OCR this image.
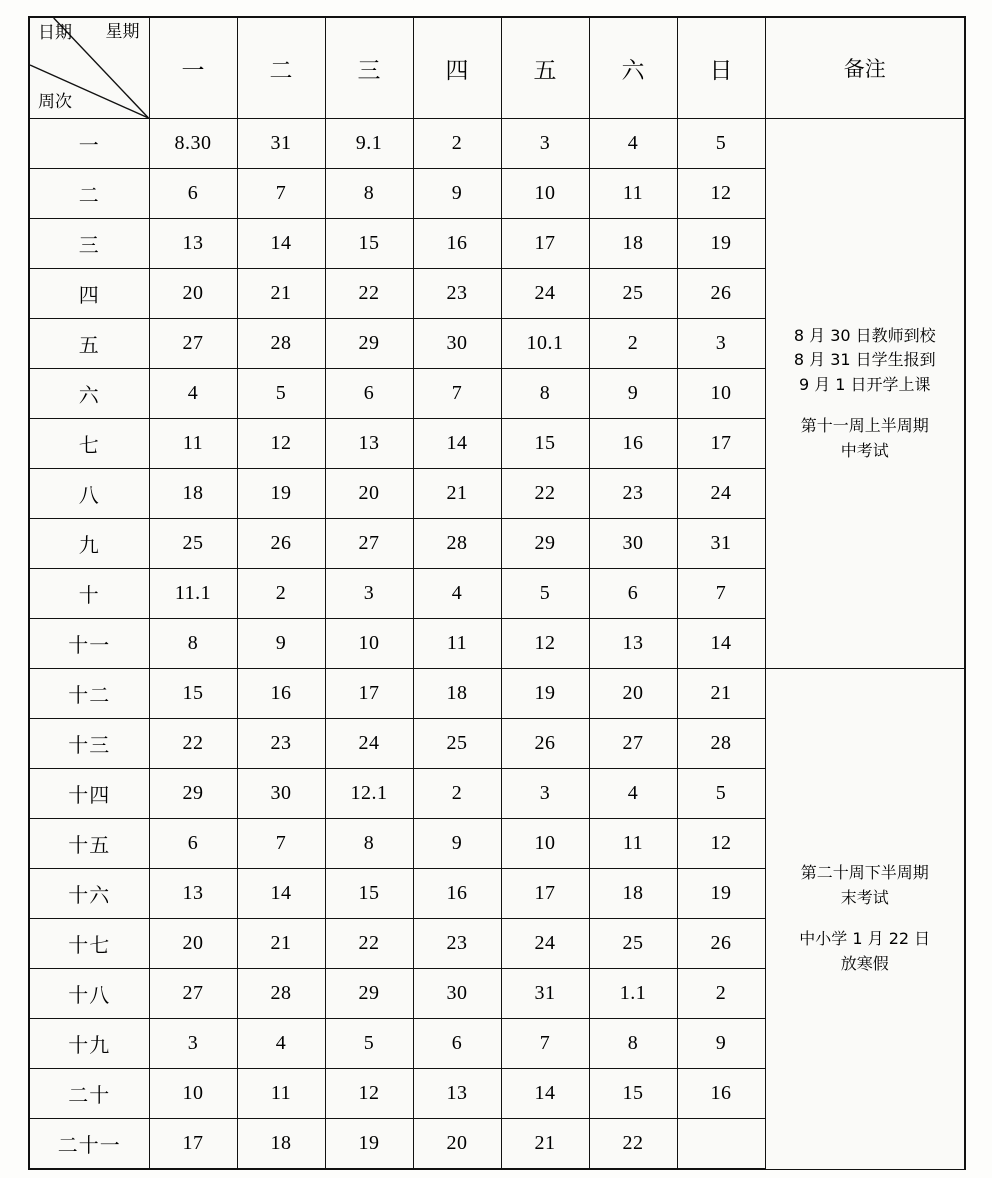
星期
日期
周次	一	二	三	四	五	六	日	备注
一	8.30	31	9.1	2	3	4	5	8 月 30 日教师到校
8 月 31 日学生报到
9 月 1 日开学上课
第十一周上半周期
中考试

二	6	7	8	9	10	11	12	
三	13	14	15	16	17	18	19	
四	20	21	22	23	24	25	26	
五	27	28	29	30	10.1	2	3	
六	4	5	6	7	8	9	10	
七	11	12	13	14	15	16	17	
八	18	19	20	21	22	23	24	
九	25	26	27	28	29	30	31	
十	11.1	2	3	4	5	6	7	
十一	8	9	10	11	12	13	14	
十二	15	16	17	18	19	20	21	第二十周下半周期
末考试
中小学 1 月 22 日
放寒假

十三	22	23	24	25	26	27	28	
十四	29	30	12.1	2	3	4	5	
十五	6	7	8	9	10	11	12	
十六	13	14	15	16	17	18	19	
十七	20	21	22	23	24	25	26	
十八	27	28	29	30	31	1.1	2	
十九	3	4	5	6	7	8	9	
二十	10	11	12	13	14	15	16	
二十一	17	18	19	20	21	22		
